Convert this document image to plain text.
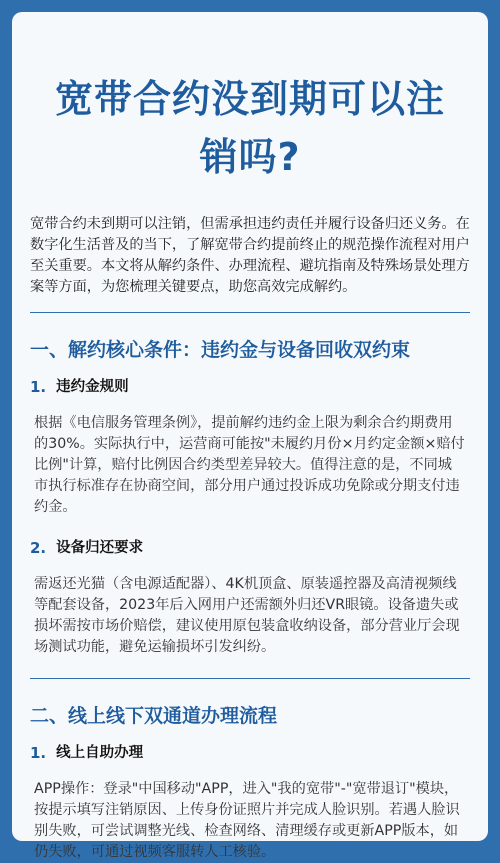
宽带合约没到期可以注
销吗?
宽带合约未到期可以注销，但需承担违约责任并履行设备归还义务。在数字化生活普及的当下，了解宽带合约提前终止的规范操作流程对用户至关重要。本文将从解约条件、办理流程、避坑指南及特殊场景处理方案等方面，为您梳理关键要点，助您高效完成解约。
一、解约核心条件：违约金与设备回收双约束
1. 违约金规则
根据《电信服务管理条例》，提前解约违约金上限为剩余合约期费用的30%。实际执行中，运营商可能按"未履约月份×月约定金额×赔付比例"计算，赔付比例因合约类型差异较大。值得注意的是，不同城市执行标准存在协商空间，部分用户通过投诉成功免除或分期支付违约金。
2. 设备归还要求
需返还光猫（含电源适配器）、4K机顶盒、原装遥控器及高清视频线等配套设备，2023年后入网用户还需额外归还VR眼镜。设备遗失或损坏需按市场价赔偿，建议使用原包装盒收纳设备，部分营业厅会现场测试功能，避免运输损坏引发纠纷。
二、线上线下双通道办理流程
1. 线上自助办理
APP操作：登录"中国移动"APP，进入"我的宽带"-"宽带退订"模块，按提示填写注销原因、上传身份证照片并完成人脸识别。若遇人脸识别失败，可尝试调整光线、检查网络、清理缓存或更新APP版本，如仍失败，可通过视频客服转人工核验。
